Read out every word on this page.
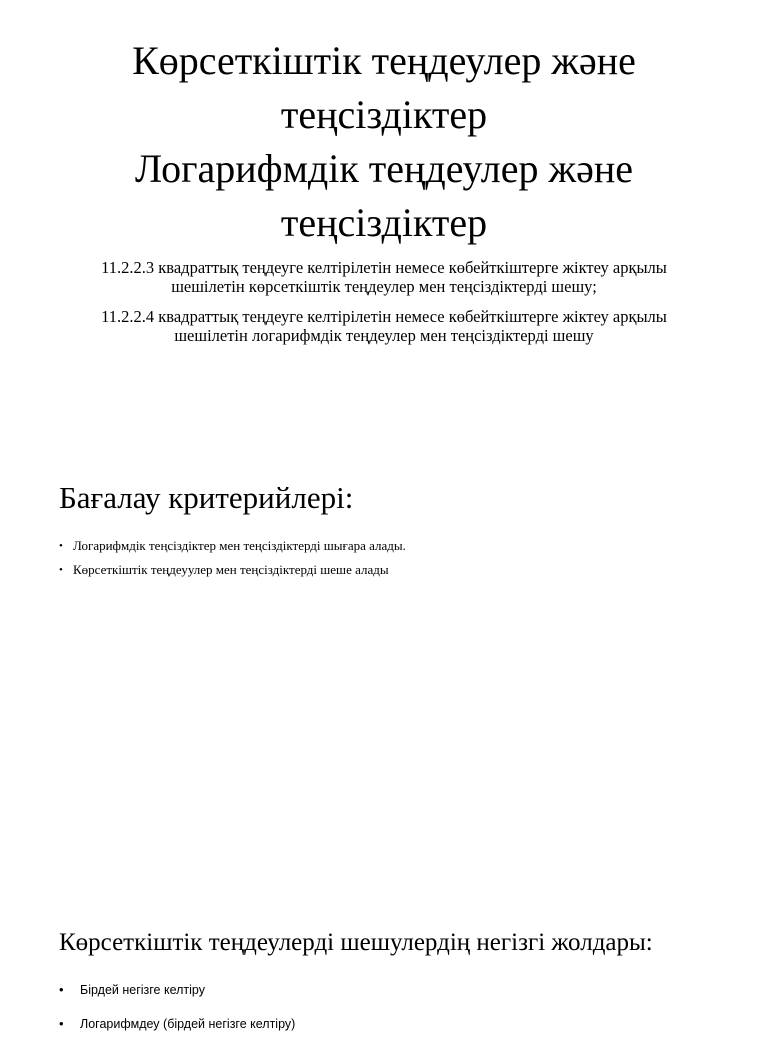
Көрсеткіштік теңдеулер және
теңсіздіктер
Логарифмдік теңдеулер және
теңсіздіктер

11.2.2.3 квадраттық теңдеуге келтірілетін немесе көбейткіштерге жіктеу арқылы шешілетін көрсеткіштік теңдеулер мен теңсіздіктерді шешу;

11.2.2.4 квадраттық теңдеуге келтірілетін немесе көбейткіштерге жіктеу арқылы шешілетін логарифмдік теңдеулер мен теңсіздіктерді шешу

Бағалау критерийлері:
• Логарифмдік теңсіздіктер мен теңсіздіктерді шығара алады.
• Көрсеткіштік теңдеуулер мен теңсіздіктерді шеше алады
Көрсеткіштік теңдеулерді шешулердің негізгі жолдары:
• Бірдей негізге келтіру
• Логарифмдеу (бірдей негізге келтіру)
